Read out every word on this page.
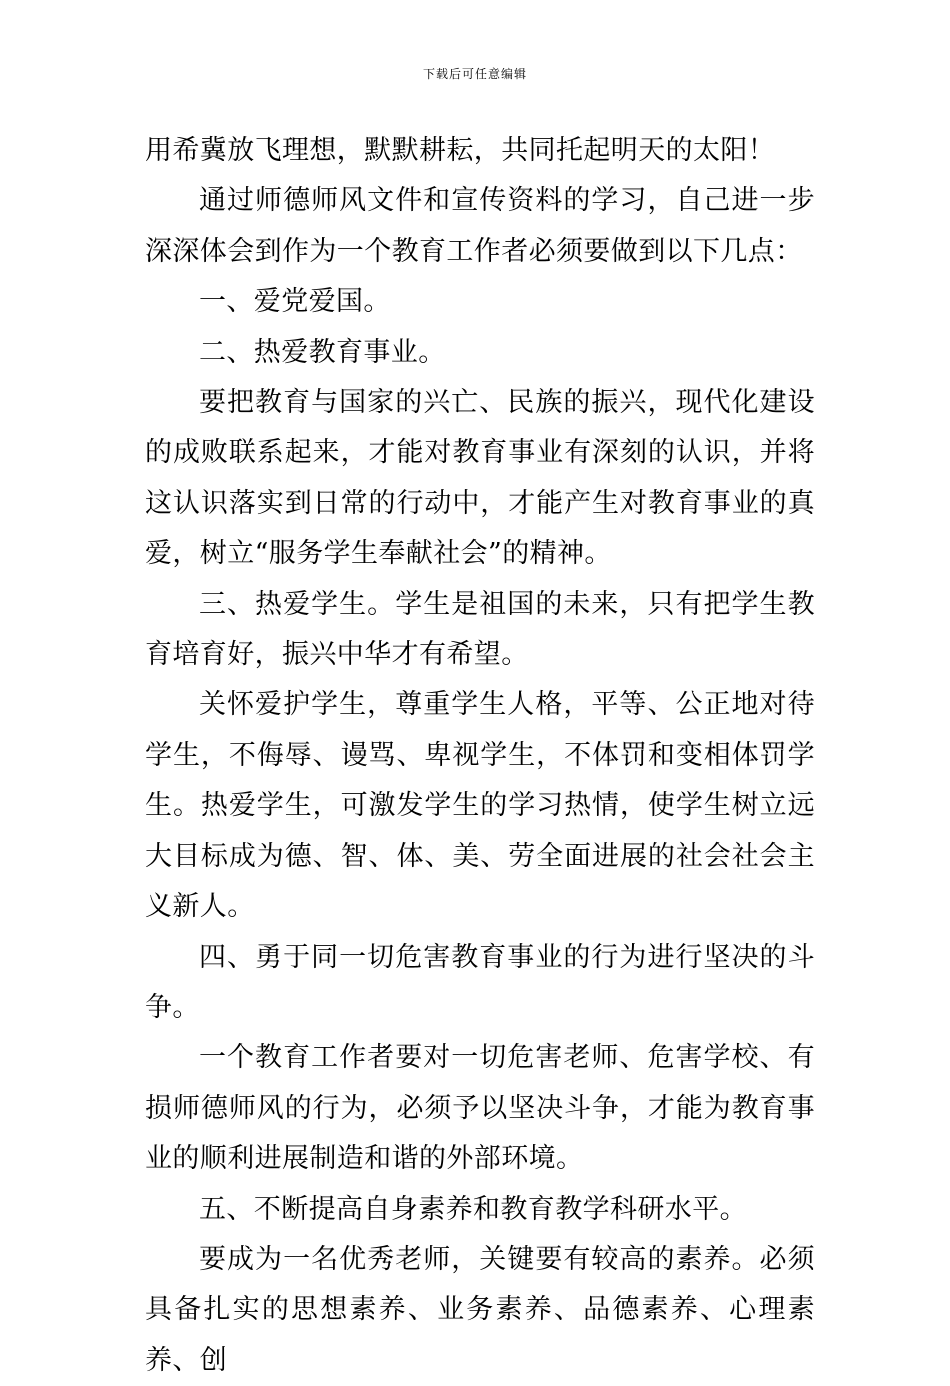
下载后可任意编辑

用希冀放飞理想，默默耕耘，共同托起明天的太阳！

通过师德师风文件和宣传资料的学习，自己进一步深深体会到作为一个教育工作者必须要做到以下几点：

一、爱党爱国。

二、热爱教育事业。

要把教育与国家的兴亡、民族的振兴，现代化建设的成败联系起来，才能对教育事业有深刻的认识，并将这认识落实到日常的行动中，才能产生对教育事业的真爱，树立“服务学生奉献社会”的精神。

三、热爱学生。学生是祖国的未来，只有把学生教育培育好，振兴中华才有希望。

关怀爱护学生，尊重学生人格，平等、公正地对待学生，不侮辱、谩骂、卑视学生，不体罚和变相体罚学生。热爱学生，可激发学生的学习热情，使学生树立远大目标成为德、智、体、美、劳全面进展的社会社会主义新人。

四、勇于同一切危害教育事业的行为进行坚决的斗争。

一个教育工作者要对一切危害老师、危害学校、有损师德师风的行为，必须予以坚决斗争，才能为教育事业的顺利进展制造和谐的外部环境。

五、不断提高自身素养和教育教学科研水平。

要成为一名优秀老师，关键要有较高的素养。必须具备扎实的思想素养、业务素养、品德素养、心理素养、创
